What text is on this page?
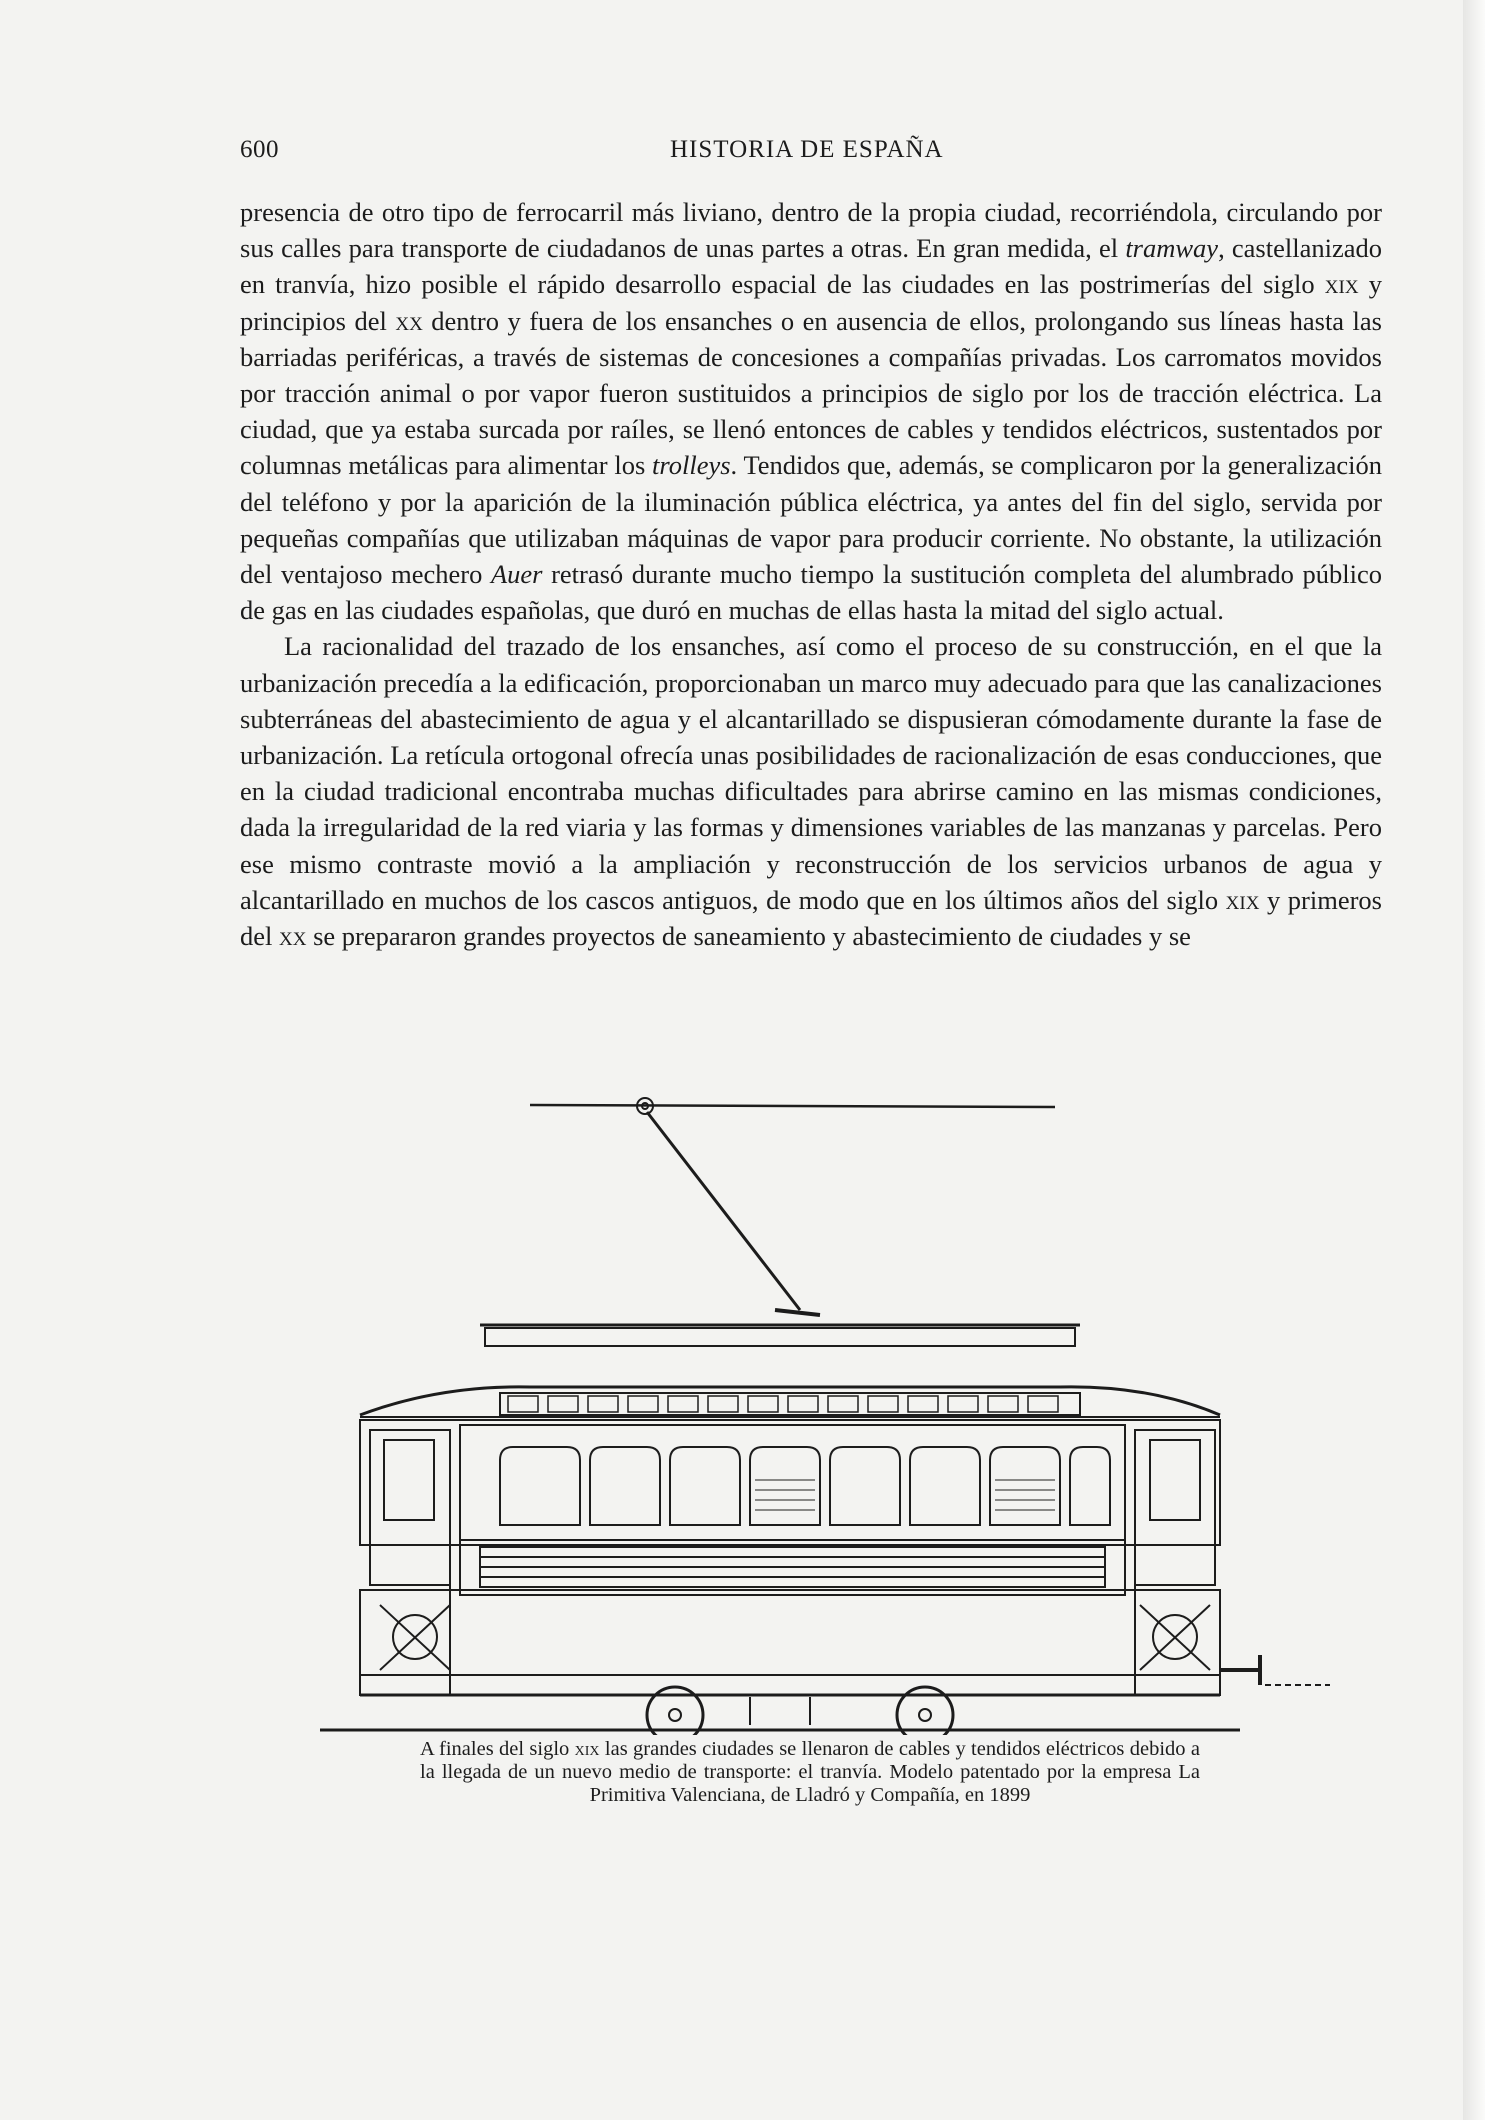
600	HISTORIA DE ESPAÑA

presencia de otro tipo de ferrocarril más liviano, dentro de la propia ciudad, recorriéndola, circulando por sus calles para transporte de ciudadanos de unas partes a otras. En gran medida, el tramway, castellanizado en tranvía, hizo posible el rápido desarrollo espacial de las ciudades en las postrimerías del siglo xix y principios del xx dentro y fuera de los ensanches o en ausencia de ellos, prolongando sus líneas hasta las barriadas periféricas, a través de sistemas de concesiones a compañías privadas. Los carromatos movidos por tracción animal o por vapor fueron sustituidos a principios de siglo por los de tracción eléctrica. La ciudad, que ya estaba surcada por raíles, se llenó entonces de cables y tendidos eléctricos, sustentados por columnas metálicas para alimentar los trolleys. Tendidos que, además, se complicaron por la generalización del teléfono y por la aparición de la iluminación pública eléctrica, ya antes del fin del siglo, servida por pequeñas compañías que utilizaban máquinas de vapor para producir corriente. No obstante, la utilización del ventajoso mechero Auer retrasó durante mucho tiempo la sustitución completa del alumbrado público de gas en las ciudades españolas, que duró en muchas de ellas hasta la mitad del siglo actual.

La racionalidad del trazado de los ensanches, así como el proceso de su construcción, en el que la urbanización precedía a la edificación, proporcionaban un marco muy adecuado para que las canalizaciones subterráneas del abastecimiento de agua y el alcantarillado se dispusieran cómodamente durante la fase de urbanización. La retícula ortogonal ofrecía unas posibilidades de racionalización de esas conducciones, que en la ciudad tradicional encontraba muchas dificultades para abrirse camino en las mismas condiciones, dada la irregularidad de la red viaria y las formas y dimensiones variables de las manzanas y parcelas. Pero ese mismo contraste movió a la ampliación y reconstrucción de los servicios urbanos de agua y alcantarillado en muchos de los cascos antiguos, de modo que en los últimos años del siglo xix y primeros del xx se prepararon grandes proyectos de saneamiento y abastecimiento de ciudades y se

A finales del siglo xix las grandes ciudades se llenaron de cables y tendidos eléctricos debido a la llegada de un nuevo medio de transporte: el tranvía. Modelo patentado por la empresa La Primitiva Valenciana, de Lladró y Compañía, en 1899
